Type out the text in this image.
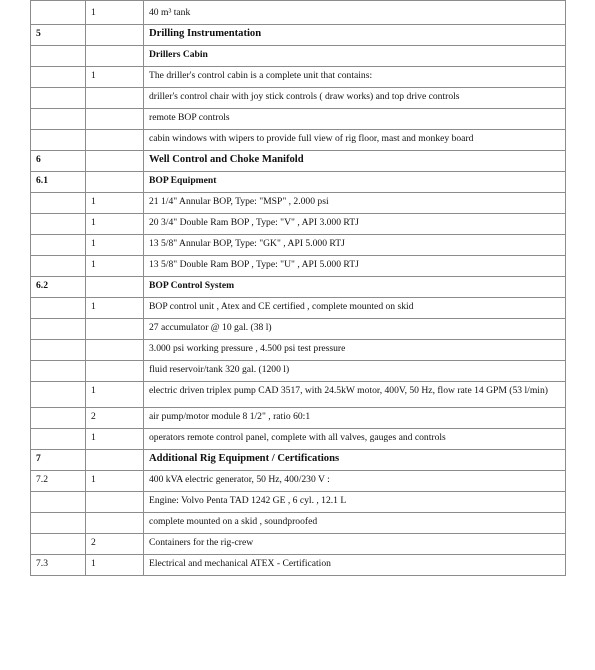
	1	40 m³ tank
5		Drilling Instrumentation
		Drillers Cabin
	1	The driller's control cabin is a complete unit that contains:
		driller's control chair with joy stick controls ( draw works) and top drive controls
		remote BOP controls
		cabin windows with wipers to provide full view of rig floor, mast and monkey board
6		Well Control and Choke Manifold
6.1		BOP Equipment
	1	21 1/4" Annular BOP, Type: "MSP" , 2.000 psi
	1	20 3/4" Double Ram BOP , Type: "V" , API 3.000 RTJ
	1	13 5/8" Annular BOP, Type: "GK" , API 5.000 RTJ
	1	13 5/8" Double Ram BOP , Type: "U" , API 5.000 RTJ
6.2		BOP Control System
	1	BOP control unit , Atex and CE certified , complete mounted on skid
		27 accumulator @ 10 gal. (38 l)
		3.000 psi working pressure , 4.500 psi test pressure
		fluid reservoir/tank 320 gal. (1200 l)
	1	electric driven triplex pump CAD 3517, with 24.5kW motor, 400V, 50 Hz, flow rate 14 GPM (53 l/min)
	2	air pump/motor module 8 1/2" , ratio 60:1
	1	operators remote control panel, complete with all valves, gauges and controls
7		Additional Rig Equipment / Certifications
7.2	1	400 kVA electric generator, 50 Hz, 400/230 V :
		Engine: Volvo Penta TAD 1242 GE , 6 cyl. , 12.1 L
		complete mounted on a skid , soundproofed
	2	Containers for the rig-crew
7.3	1	Electrical and mechanical ATEX - Certification
